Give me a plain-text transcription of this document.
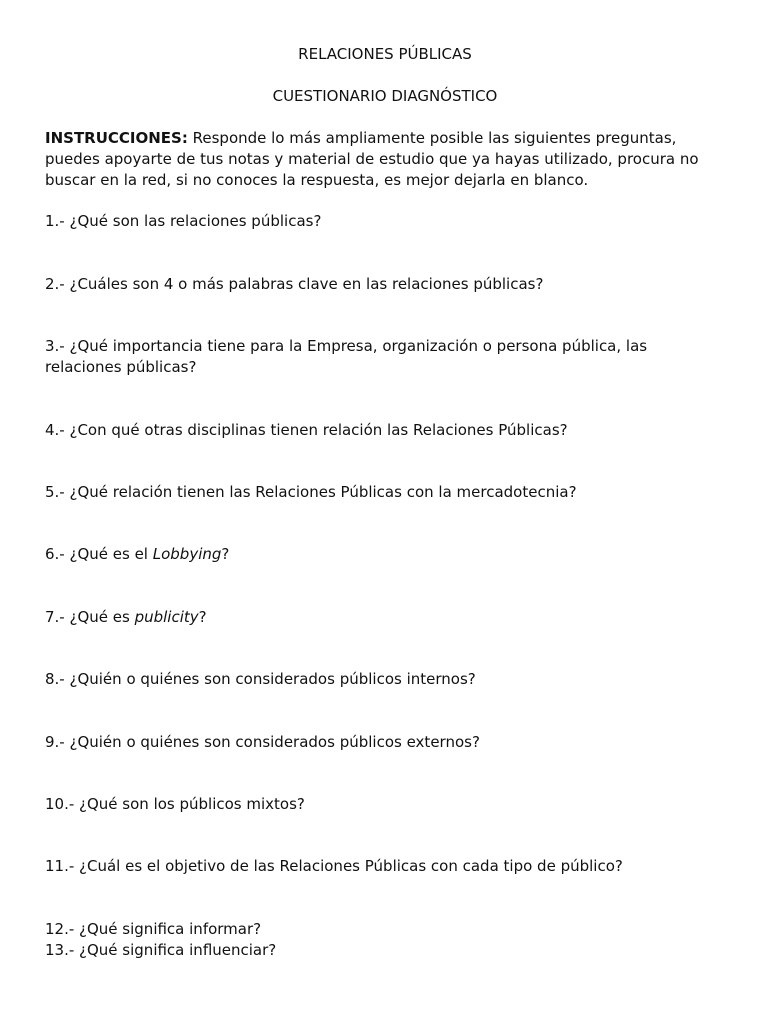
RELACIONES PÚBLICAS
CUESTIONARIO DIAGNÓSTICO
INSTRUCCIONES: Responde lo más ampliamente posible las siguientes preguntas, puedes apoyarte de tus notas y material de estudio que ya hayas utilizado, procura no buscar en la red, si no conoces la respuesta, es mejor dejarla en blanco.
1.- ¿Qué son las relaciones públicas?
2.- ¿Cuáles son 4 o más palabras clave en las relaciones públicas?
3.- ¿Qué importancia tiene para la Empresa, organización o persona pública, las relaciones públicas?
4.- ¿Con qué otras disciplinas tienen relación las Relaciones Públicas?
5.- ¿Qué relación tienen las Relaciones Públicas con la mercadotecnia?
6.- ¿Qué es el Lobbying?
7.- ¿Qué es publicity?
8.- ¿Quién o quiénes son considerados públicos internos?
9.- ¿Quién o quiénes son considerados públicos externos?
10.- ¿Qué son los públicos mixtos?
11.- ¿Cuál es el objetivo de las Relaciones Públicas con cada tipo de público?
12.- ¿Qué significa informar?
13.- ¿Qué significa influenciar?
